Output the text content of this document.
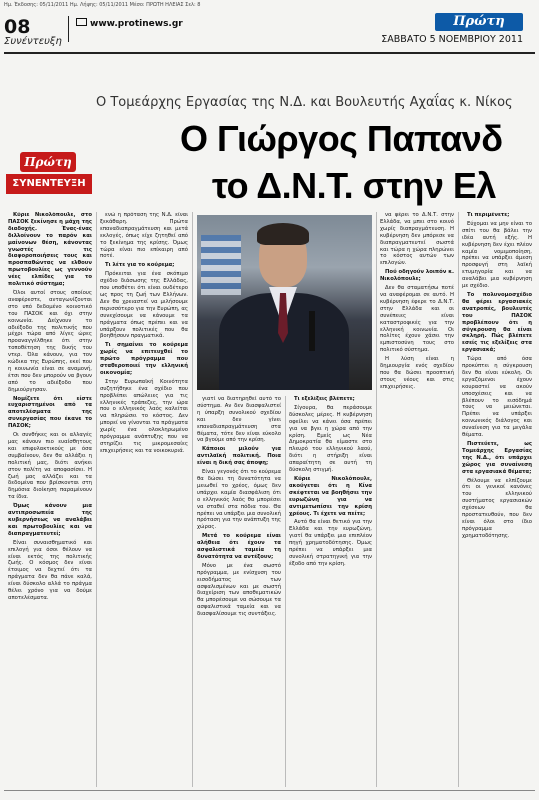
Ημ. Έκδοσης: 05/11/2011 Ημ. Λήψης: 05/11/2011 Μέσο: ΠΡΩΤΗ ΗΛΕΙΑΣ Σελ: 8
08
Συνέντευξη
www.protinews.gr	Πρώτη
ΣΑΒΒΑΤΟ 5 ΝΟΕΜΒΡΙΟΥ 2011
Ο Τομεάρχης Εργασίας της Ν.Δ. και Βουλευτής Αχαΐας κ. Νίκος
Ο Γιώργος Παπανδ
το Δ.Ν.Τ. στην Ελ
Πρώτη
ΣΥΝΕΝΤΕΥΞΗ

Κύριε Νικολόπουλε, στο ΠΑΣΟΚ ξεκίνησε η μάχη της διαδοχής. Ένας-ένας διλλοίνουν το παρόν και μαίνονων θέση, κάνοντας γνωστές τις διαφοροποιήσεις τους και προσπαθώντας να ελθουν πρωτοβουλίες ως γεννούν νέες ελπίδες για το πολιτικό σύστημα;

Όλοι αυτοί στους οποίους αναφέρεστε, ανταγωνίζονται στο υπό δεδομένο κοινοτικό του ΠΑΣΟΚ και όχι στην κοινωνία. Δείχνουν το αδιέξοδο της πολιτικής που μέχρι τώρα από λίγες ώρες προαναγγέλθηκε ότι στην τοποθέτηση της δικής του ντερ. Όλα κάνουν, για τον κώδικα της Ευρώπης, εκεί που η κοινωνία είναι σε αναμονή, έτσι που δεν μπορούν να βγουν από το αδιέξοδο που δημιούργησαν.

Νομίζετε ότι είστε ευχαριστημένοι από τα αποτελέσματα της συνεργασίας που έκανε το ΠΑΣΟΚ;

Οι συνθήκες και οι αλλαγές μας κάνουν πιο ευαίσθητους και επιφυλακτικούς με όσα συμβαίνουν, δεν θα αλλάξει η πολιτική μας, διότι ανήκει στον πολίτη να αποφασίσει. Η ζωή μας αλλάζει και τα δεδομένα που βρίσκονται στη δημόσια διοίκηση παραμένουν τα ίδια.

Όμως κάνουν μια αντιπροσωπεία της κυβερνήσεως να αναλάβει και πρωτοβουλίες και να διαπραγματευτεί;

Είναι συναισθηματικό και επιλογή για όσοι θέλουν να είναι εκτός της πολιτικής ζωής. Ο κόσμος δεν είναι έτοιμος να δεχτεί ότι τα πράγματα δεν θα πάνε καλά, είναι δύσκολο αλλά το πράγμα θέλει χρόνο για να δούμε αποτελέσματα.

ενώ η πρόταση της Ν.Δ. είναι ξεκάθαρη. Πρώτα επαναδιαπραγμάτευση και μετά εκλογές, όπως είχε ζητηθεί από το ξεκίνημα της κρίσης. Όμως τώρα είναι πιο επίκαιρη από ποτέ.

Τι λέτε για το κούρεμα;

Πρόκειται για ένα σκόπιμο σχέδιο διάσωσης της Ελλάδας, που υποθέτει ότι είναι ουδέτερο ως προς τη ζωή των Ελλήνων. Δεν θα χρειαστεί να μιλήσουμε περισσότερο για την Ευρώπη, ας συνεχίσουμε να κάνουμε τα πράγματα όπως πρέπει και να υπάρξουν πολιτικές που θα βοηθήσουν πραγματικά.

Τι σημαίνει το κούρεμα χωρίς να επιτευχθεί το πρώτο πρόγραμμα που σταθεροποιεί την ελληνική οικονομία;

Στην Ευρωπαϊκή Κοινότητα συζητήθηκε ένα σχέδιο που προβλέπει απώλειες για τις ελληνικές τράπεζες, την ώρα που ο ελληνικός λαός καλείται να πληρώσει το κόστος. Δεν μπορεί να γίνονται τα πράγματα χωρίς ένα ολοκληρωμένο πρόγραμμα ανάπτυξης που να στηρίζει τις μικρομεσαίες επιχειρήσεις και τα νοικοκυριά.

γιατί να διατηρηθεί αυτό το σύστημα. Αν δεν διασφαλιστεί η ύπαρξη συνολικού σχεδίου και δεν γίνει επαναδιαπραγμάτευση στα θέματα, τότε δεν είναι εύκολο να βγούμε από την κρίση.

Κάποιοι μιλούν για αντιλαϊκή πολιτική. Ποια είναι η δική σας άποψη;

Είναι γεγονός ότι το κούρεμα θα δώσει τη δυνατότητα να μειωθεί το χρέος, όμως δεν υπάρχει καμία διασφάλιση ότι ο ελληνικός λαός θα μπορέσει να σταθεί στα πόδια του. Θα πρέπει να υπάρξει μια συνολική πρόταση για την ανάπτυξη της χώρας.

Μετά το κούρεμα είναι αλήθεια ότι έχουν τα ασφαλιστικά ταμεία τη δυνατότητα να αντέξουν;

Μόνο με ένα σωστό πρόγραμμα, με ενίσχυση του εισοδήματος των ασφαλισμένων και με σωστή διαχείριση των αποθεματικών θα μπορέσουμε να σώσουμε τα ασφαλιστικά ταμεία και να διασφαλίσουμε τις συντάξεις.

Τι εξελίξεις βλέπετε;

Σίγουρα, θα περάσουμε δύσκολες μέρες. Η κυβέρνηση οφείλει να κάνει όσα πρέπει για να βγει η χώρα από την κρίση. Εμείς ως Νέα Δημοκρατία θα είμαστε στο πλευρό του ελληνικού λαού, διότι η στήριξη είναι απαραίτητη σε αυτή τη δύσκολη στιγμή.

Κύριε Νικολόπουλε, ακούγεται ότι η Κίνα σκέφτεται να βοηθήσει την ευρωζώνη για να αντιμετωπίσει την κρίση χρέους. Τι έχετε να πείτε;

Αυτό θα είναι θετικό για την Ελλάδα και την ευρωζώνη, γιατί θα υπάρξει μια επιπλέον πηγή χρηματοδότησης. Όμως πρέπει να υπάρξει μια συνολική στρατηγική για την έξοδο από την κρίση.

να φέρει το Δ.Ν.Τ. στην Ελλάδα, να μπει στο κοινό χωρίς διαπραγμάτευση. Η κυβέρνηση δεν μπόρεσε να διαπραγματευτεί σωστά και τώρα η χώρα πληρώνει το κόστος αυτών των επιλογών.

Πού οδηγούν λοιπόν κ. Νικολόπουλε;

Δεν θα σταματήσω ποτέ να αναφέρομαι σε αυτό. Η κυβέρνηση έφερε το Δ.Ν.Τ. στην Ελλάδα και οι συνέπειες είναι καταστροφικές για την ελληνική κοινωνία. Οι πολίτες έχουν χάσει την εμπιστοσύνη τους στο πολιτικό σύστημα.

Η λύση είναι η δημιουργία ενός σχεδίου που θα δώσει προοπτική στους νέους και στις επιχειρήσεις.

Τι περιμένετε;

Εύχομαι να μην είναι το σπίτι του θα βάλει την ιδέα αυτή εξής. Η κυβέρνηση δεν έχει πλέον καμία νομιμοποίηση, πρέπει να υπάρξει άμεση προσφυγή στη λαϊκή ετυμηγορία και να αναλάβει μια κυβέρνηση με σχέδιο.

Το πολυνομοσχέδιο θα φέρει εργασιακές ανατροπές, βουλευτές του ΠΑΣΟΚ προβλέπουν ότι η σύγκρουση θα είναι σκληρή. Πώς βλέπετε εσείς τις εξελίξεις στα εργασιακά;

Τώρα από όσα προκύπτει η σύγκρουση δεν θα είναι εύκολη. Οι εργαζόμενοι έχουν κουραστεί να ακούν υποσχέσεις και να βλέπουν το εισόδημά τους να μειώνεται. Πρέπει να υπάρξει κοινωνικός διάλογος και συναίνεση για τα μεγάλα θέματα.

Πιστεύετε, ως Τομεάρχης Εργασίας της Ν.Δ., ότι υπάρχει χώρος για συναίνεση στα εργασιακά θέματα;

Θέλουμε να ελπίζουμε ότι οι γενικοί κανόνες του ελληνικού συστήματος εργασιακών σχέσεων θα προστατευθούν, που δεν είναι όλοι στο ίδιο πρόγραμμα χρηματοδότησης.
